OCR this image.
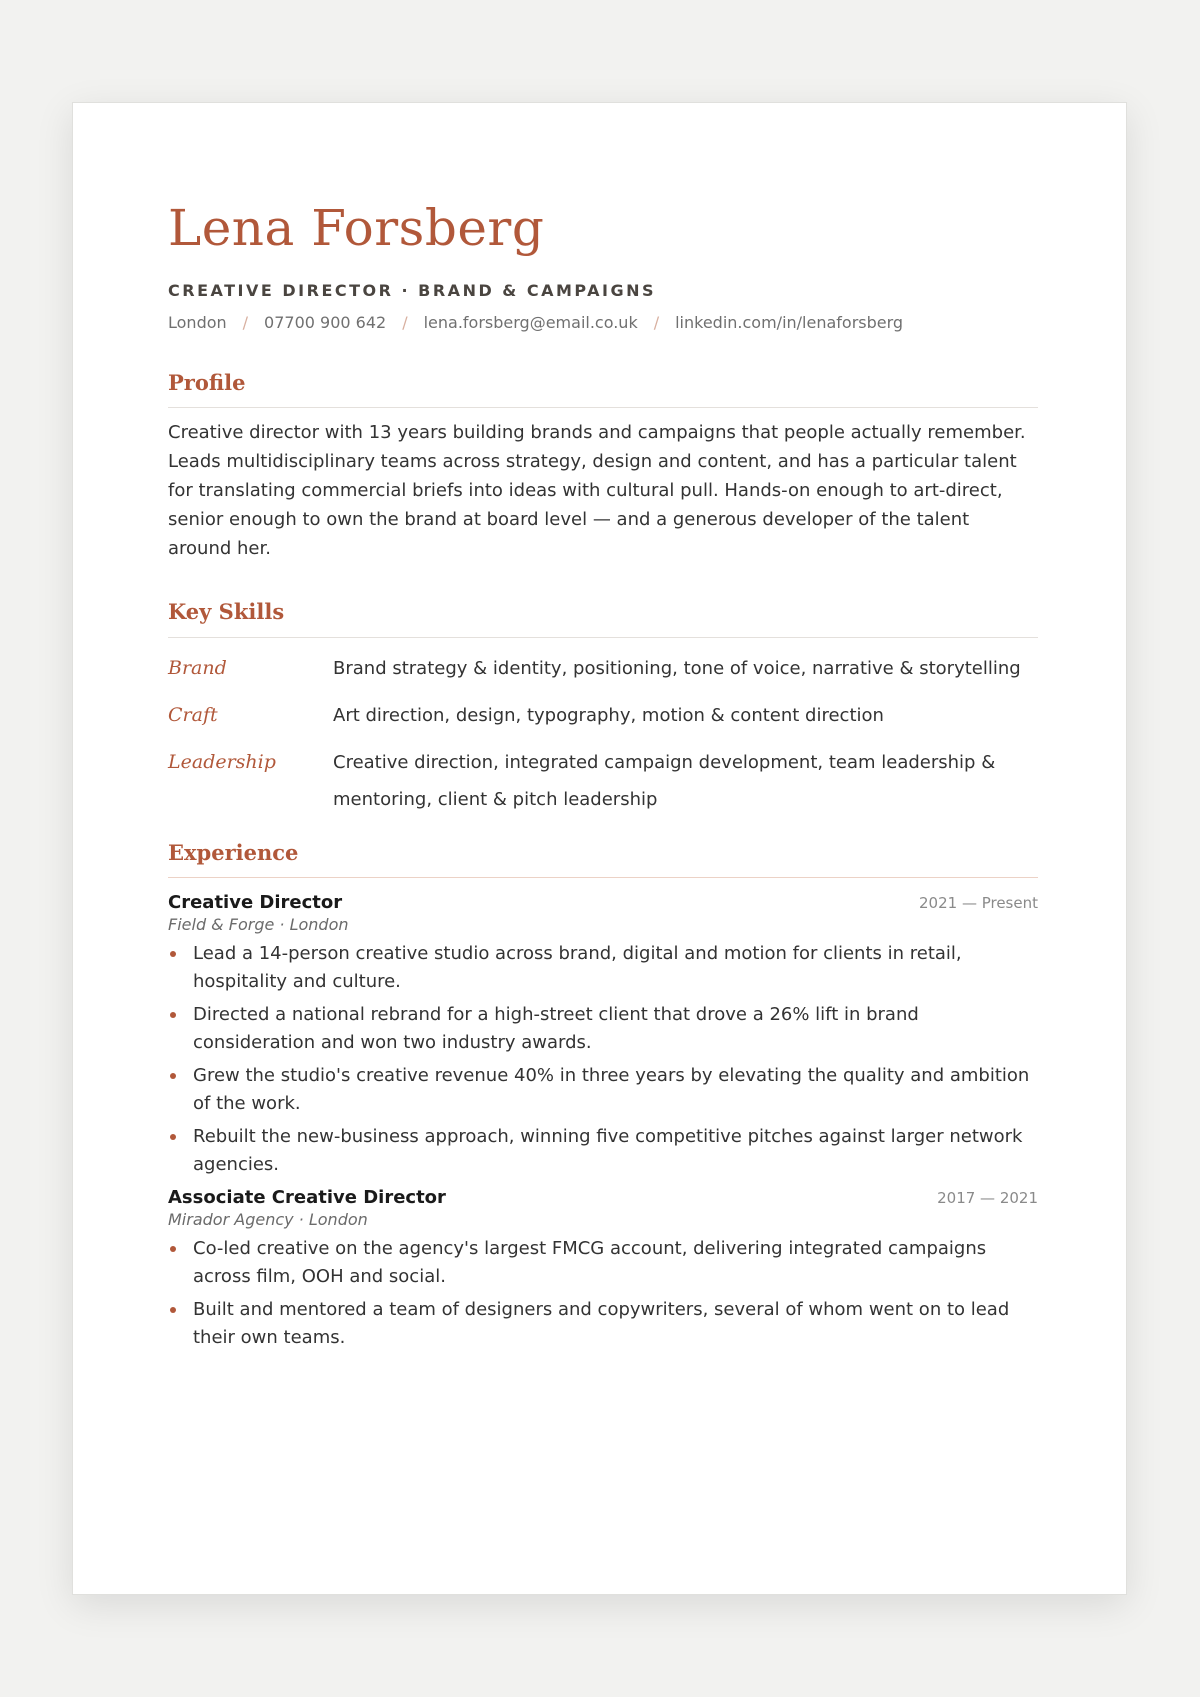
Lena Forsberg
CREATIVE DIRECTOR · BRAND & CAMPAIGNS
London / 07700 900 642 / lena.forsberg@email.co.uk / linkedin.com/in/lenaforsberg
Profile

Creative director with 13 years building brands and campaigns that people actually remember. Leads multidisciplinary teams across strategy, design and content, and has a particular talent for translating commercial briefs into ideas with cultural pull. Hands-on enough to art-direct, senior enough to own the brand at board level — and a generous developer of the talent around her.

Key Skills
Brand	Brand strategy & identity, positioning, tone of voice, narrative & storytelling
Craft	Art direction, design, typography, motion & content direction
Leadership	Creative direction, integrated campaign development, team leadership & mentoring, client & pitch leadership
Experience
Creative Director	2021 — Present
Field & Forge · London
Lead a 14-person creative studio across brand, digital and motion for clients in retail, hospitality and culture.
Directed a national rebrand for a high-street client that drove a 26% lift in brand consideration and won two industry awards.
Grew the studio's creative revenue 40% in three years by elevating the quality and ambition of the work.
Rebuilt the new-business approach, winning five competitive pitches against larger network agencies.
Associate Creative Director	2017 — 2021
Mirador Agency · London
Co-led creative on the agency's largest FMCG account, delivering integrated campaigns across film, OOH and social.
Built and mentored a team of designers and copywriters, several of whom went on to lead their own teams.
